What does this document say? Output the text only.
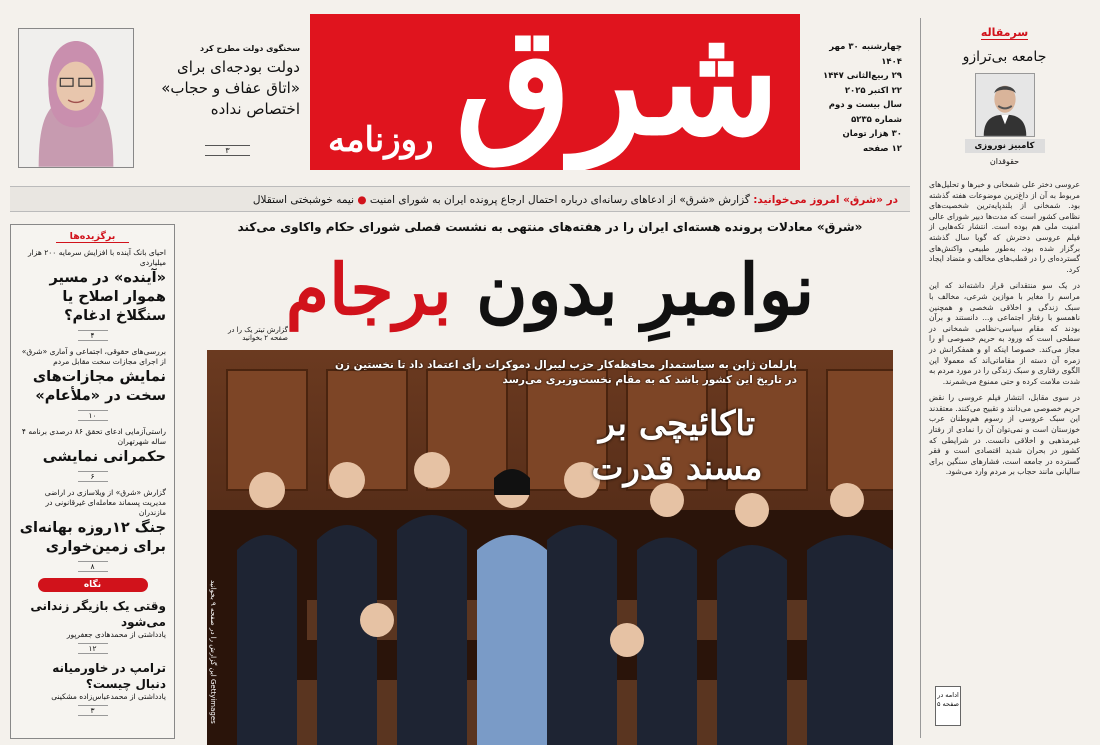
سخنگوی دولت مطرح کرد
دولت بودجه‌ای برای «اتاق عفاف و حجاب» اختصاص نداده
۳ شرق
روزنامه
چهارشنبه ۳۰ مهر ۱۴۰۴
۲۹ ربیع‌الثانی ۱۴۴۷
۲۲ اکتبر ۲۰۲۵
سال بیست و دوم
شماره ۵۲۳۵
۳۰ هزار تومان
۱۲ صفحه
در «شرق» امروز می‌خوانید: گزارش «شرق» از ادعاهای رسانه‌ای درباره احتمال ارجاع پرونده ایران به شورای امنیت ● نیمه خوشبختی استقلال
سرمقاله
جامعه بی‌ترازو
کامبیز نوروزی
حقوقدان

عروسی دختر علی شمخانی و خبرها و تحلیل‌های مربوط به آن از داغ‌ترین موضوعات هفته گذشته بود. شمخانی از بلندپایه‌ترین شخصیت‌های نظامی کشور است که مدت‌ها دبیر شورای عالی امنیت ملی هم بوده است. انتشار تکه‌هایی از فیلم عروسی دخترش که گویا سال گذشته برگزار شده بود، به‌طور طبیعی واکنش‌های گسترده‌ای را در قطب‌های مخالف و متضاد ایجاد کرد.

در یک سو منتقدانی قرار داشته‌اند که این مراسم را مغایر با موازین شرعی، مخالف با سبک زندگی و اخلاقی شخصی و همچنین ناهمسو با رفتار اجتماعی و... دانستند و برآن بودند که مقام سیاسی-نظامی شمخانی در سطحی است که ورود به حریم خصوصی او را مجاز می‌کند. خصوصا اینکه او و همفکرانش در زمره آن دسته از مقاماتی‌اند که معمولا این الگوی رفتاری و سبک زندگی را در مورد مردم به شدت ملامت کرده و حتی ممنوع می‌شمرند.

در سوی مقابل، انتشار فیلم عروسی را نقض حریم خصوصی می‌دانند و تقبیح می‌کنند. معتقدند این سبک عروسی از رسوم هم‌وطنان عرب خوزستان است و نمی‌توان آن را نمادی از رفتار غیرمذهبی و اخلاقی دانست. در شرایطی که کشور در بحران شدید اقتصادی است و فقر گسترده در جامعه است، فشارهای سنگین برای سالیانی مانند حجاب بر مردم وارد می‌شود.

ادامه در صفحه ۵
برگزیده‌ها
احیای بانک آینده با افزایش سرمایه ۲۰۰ هزار میلیاردی
«آینده» در مسیر هموار اصلاح یا سنگلاخ ادغام؟
۴
بررسی‌های حقوقی، اجتماعی و آماری «شرق» از اجرای مجازات سخت مقابل مردم
نمایش مجازات‌های سخت در «ملأعام»
۱۰
راستی‌آزمایی ادعای تحقق ۸۶ درصدی برنامه ۴ ساله شهرتهران
حکمرانی نمایشی
۶
گزارش «شرق» از ویلاسازی در اراضی مدیریت پسماند معامله‌ای غیرقانونی در مازندران
جنگ ۱۲روزه بهانه‌ای برای زمین‌خواری
۸
نگاه
وقتی یک بازیگر زندانی می‌شود
یادداشتی از محمدهادی جعفرپور
۱۲
ترامپ در خاورمیانه دنبال چیست؟
یادداشتی از محمدعباس‌زاده مشکینی
۳
«شرق» معادلات پرونده هسته‌ای ایران را در هفته‌های منتهی به نشست فصلی شورای حکام واکاوی می‌کند
نوامبرِ بدون برجام
گزارش تیتر یک را در صفحه ۲ بخوانید
پارلمان ژاپن به سیاستمدار محافظه‌کار حزب لیبرال دموکرات رأی اعتماد داد تا نخستین زن در تاریخ این کشور باشد که به مقام نخست‌وزیری می‌رسد
تاکائیچی بر مسند قدرت
Gettyimages این گزارش را در صفحه ۹ بخوانید
